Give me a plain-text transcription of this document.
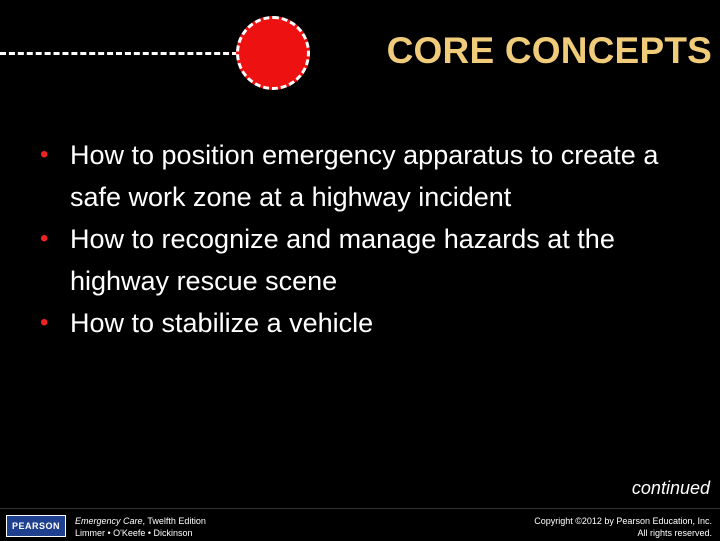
CORE CONCEPTS
• How to position emergency apparatus to create a safe work zone at a highway incident
• How to recognize and manage hazards at the highway rescue scene
• How to stabilize a vehicle
continued
PEARSON Emergency Care, Twelfth Edition
Limmer • O'Keefe • Dickinson
Copyright ©2012 by Pearson Education, Inc.
All rights reserved.
